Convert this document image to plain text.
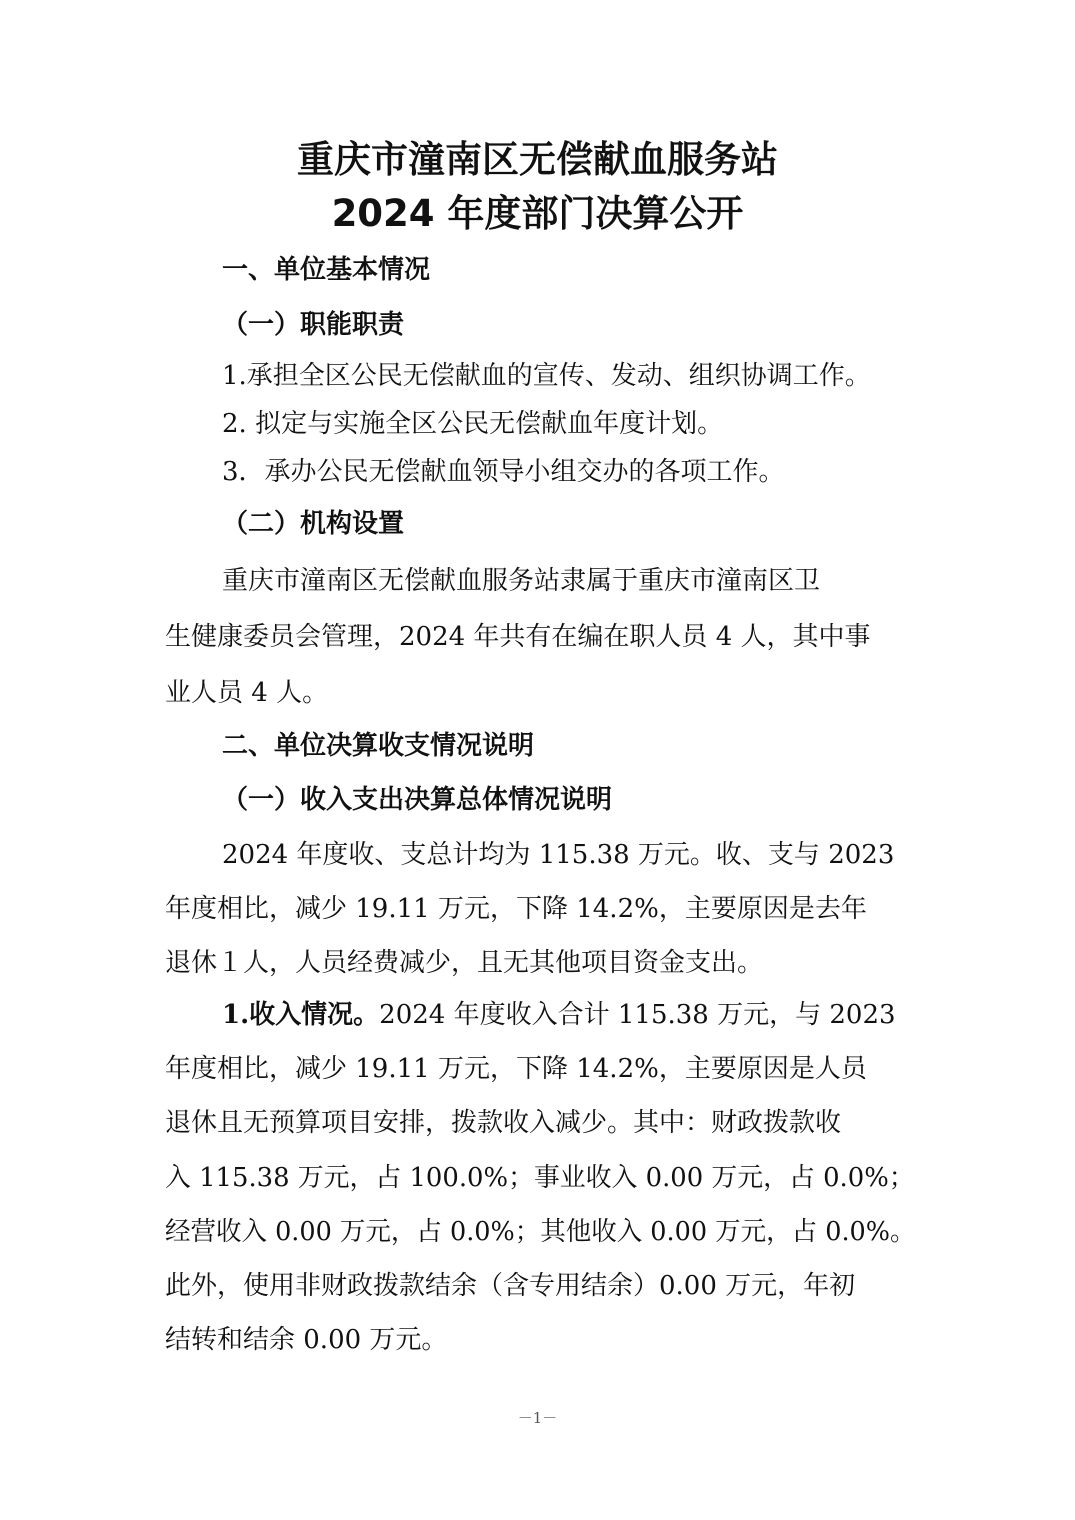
重庆市潼南区无偿献血服务站
2024 年度部门决算公开
一、单位基本情况
（一）职能职责
1.承担全区公民无偿献血的宣传、发动、组织协调工作。
2. 拟定与实施全区公民无偿献血年度计划。
3．承办公民无偿献血领导小组交办的各项工作。
（二）机构设置
重庆市潼南区无偿献血服务站隶属于重庆市潼南区卫
生健康委员会管理，2024 年共有在编在职人员 4 人，其中事
业人员 4 人。
二、单位决算收支情况说明
（一）收入支出决算总体情况说明
2024 年度收、支总计均为 115.38 万元。收、支与 2023
年度相比，减少 19.11 万元，下降 14.2%，主要原因是去年
退休１人，人员经费减少，且无其他项目资金支出。
1.收入情况。2024 年度收入合计 115.38 万元，与 2023
年度相比，减少 19.11 万元，下降 14.2%，主要原因是人员
退休且无预算项目安排，拨款收入减少。其中：财政拨款收
入 115.38 万元，占 100.0%；事业收入 0.00 万元，占 0.0%；
经营收入 0.00 万元，占 0.0%；其他收入 0.00 万元，占 0.0%。
此外，使用非财政拨款结余（含专用结余）0.00 万元，年初
结转和结余 0.00 万元。
－1－
